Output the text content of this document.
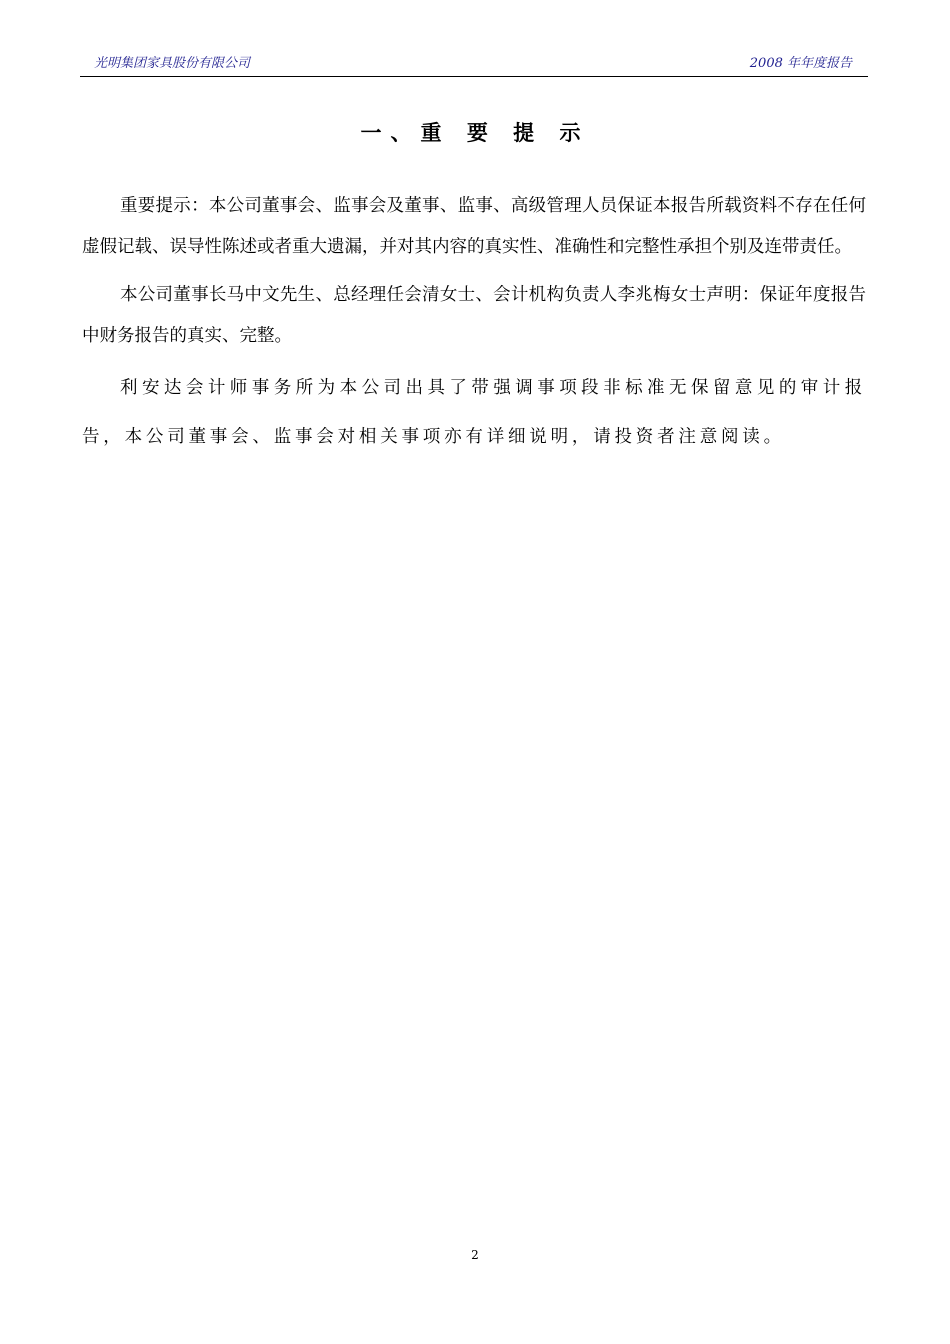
光明集团家具股份有限公司	2008 年年度报告
一、重 要 提 示

重要提示：本公司董事会、监事会及董事、监事、高级管理人员保证本报告所载资料不存在任何虚假记载、误导性陈述或者重大遗漏，并对其内容的真实性、准确性和完整性承担个别及连带责任。

本公司董事长马中文先生、总经理任会清女士、会计机构负责人李兆梅女士声明：保证年度报告中财务报告的真实、完整。

利安达会计师事务所为本公司出具了带强调事项段非标准无保留意见的审计报告，本公司董事会、监事会对相关事项亦有详细说明，请投资者注意阅读。

2
